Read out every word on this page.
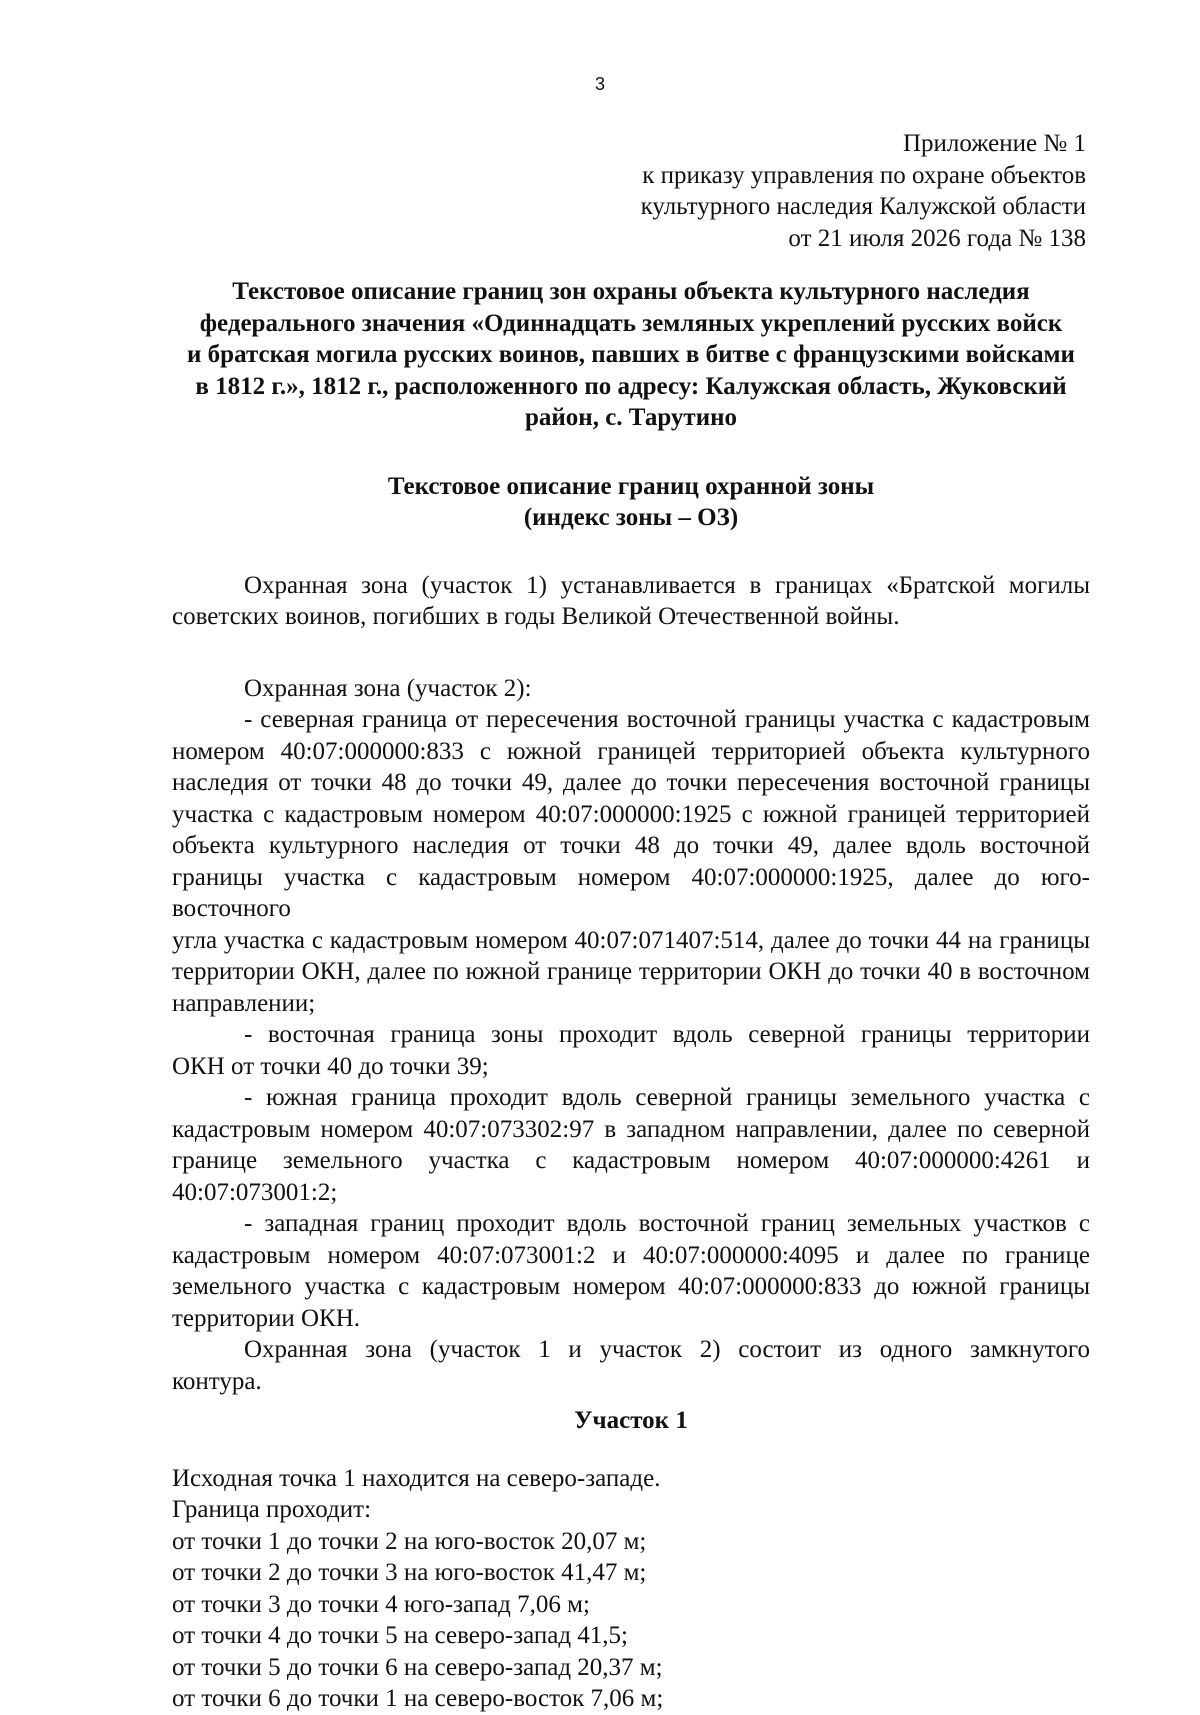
3
Приложение № 1
к приказу управления по охране объектов
культурного наследия Калужской области
от 21 июля 2026 года № 138
Текстовое описание границ зон охраны объекта культурного наследия
федерального значения «Одиннадцать земляных укреплений русских войск
и братская могила русских воинов, павших в битве с французскими войсками
в 1812 г.», 1812 г., расположенного по адресу: Калужская область, Жуковский
район, с. Тарутино
Текстовое описание границ охранной зоны
(индекс зоны – ОЗ)
Охранная зона (участок 1) устанавливается в границах «Братской могилы
советских воинов, погибших в годы Великой Отечественной войны.
Охранная зона (участок 2):
- северная граница от пересечения восточной границы участка с кадастровым
номером 40:07:000000:833 с южной границей территорией объекта культурного
наследия от точки 48 до точки 49, далее до точки пересечения восточной границы
участка с кадастровым номером 40:07:000000:1925 с южной границей территорией
объекта культурного наследия от точки 48 до точки 49, далее вдоль восточной
границы участка с кадастровым номером 40:07:000000:1925, далее до юго-восточного
угла участка с кадастровым номером 40:07:071407:514, далее до точки 44 на границы
территории ОКН, далее по южной границе территории ОКН до точки 40 в восточном
направлении;
- восточная граница зоны проходит вдоль северной границы территории
ОКН от точки 40 до точки 39;
- южная граница проходит вдоль северной границы земельного участка с
кадастровым номером 40:07:073302:97 в западном направлении, далее по северной
границе земельного участка с кадастровым номером 40:07:000000:4261 и
40:07:073001:2;
- западная границ проходит вдоль восточной границ земельных участков с
кадастровым номером 40:07:073001:2 и 40:07:000000:4095 и далее по границе
земельного участка с кадастровым номером 40:07:000000:833 до южной границы
территории ОКН.
Охранная зона (участок 1 и участок 2) состоит из одного замкнутого
контура.
Участок 1
Исходная точка 1 находится на северо-западе.
Граница проходит:
от точки 1 до точки 2 на юго-восток 20,07 м;
от точки 2 до точки 3 на юго-восток 41,47 м;
от точки 3 до точки 4 юго-запад 7,06 м;
от точки 4 до точки 5 на северо-запад 41,5;
от точки 5 до точки 6 на северо-запад 20,37 м;
от точки 6 до точки 1 на северо-восток 7,06 м;
